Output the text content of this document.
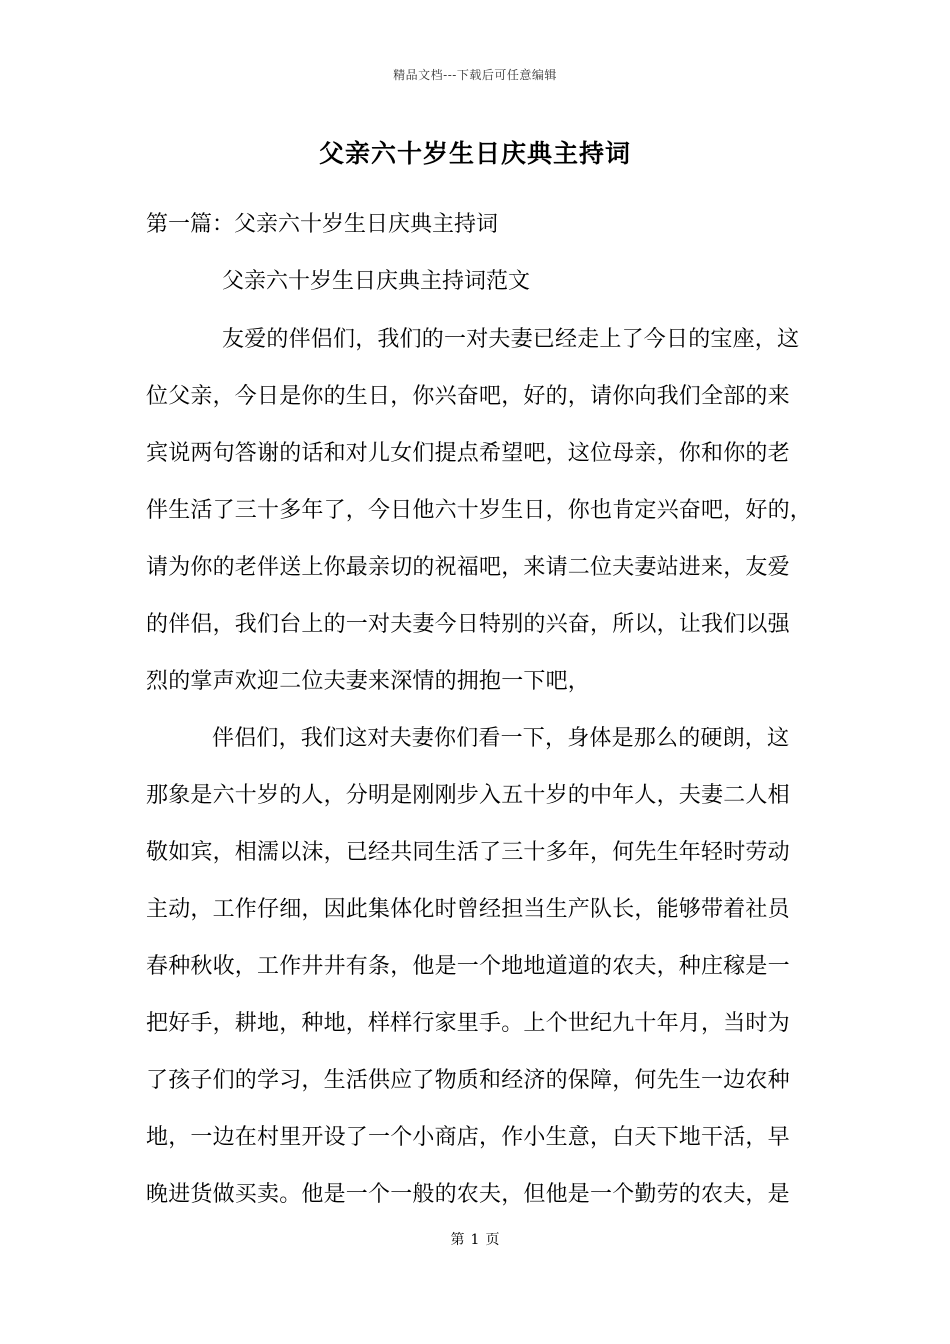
精品文档---下载后可任意编辑
父亲六十岁生日庆典主持词
第一篇：父亲六十岁生日庆典主持词
父亲六十岁生日庆典主持词范文
友爱的伴侣们，我们的一对夫妻已经走上了今日的宝座，这
位父亲，今日是你的生日，你兴奋吧，好的，请你向我们全部的来
宾说两句答谢的话和对儿女们提点希望吧，这位母亲，你和你的老
伴生活了三十多年了，今日他六十岁生日，你也肯定兴奋吧，好的，
请为你的老伴送上你最亲切的祝福吧，来请二位夫妻站进来，友爱
的伴侣，我们台上的一对夫妻今日特别的兴奋，所以，让我们以强
烈的掌声欢迎二位夫妻来深情的拥抱一下吧，
伴侣们，我们这对夫妻你们看一下，身体是那么的硬朗，这
那象是六十岁的人，分明是刚刚步入五十岁的中年人，夫妻二人相
敬如宾，相濡以沫，已经共同生活了三十多年，何先生年轻时劳动
主动，工作仔细，因此集体化时曾经担当生产队长，能够带着社员
春种秋收，工作井井有条，他是一个地地道道的农夫，种庄稼是一
把好手，耕地，种地，样样行家里手。上个世纪九十年月，当时为
了孩子们的学习，生活供应了物质和经济的保障，何先生一边农种
地，一边在村里开设了一个小商店，作小生意，白天下地干活，早
晚进货做买卖。他是一个一般的农夫，但他是一个勤劳的农夫，是
第 1 页
